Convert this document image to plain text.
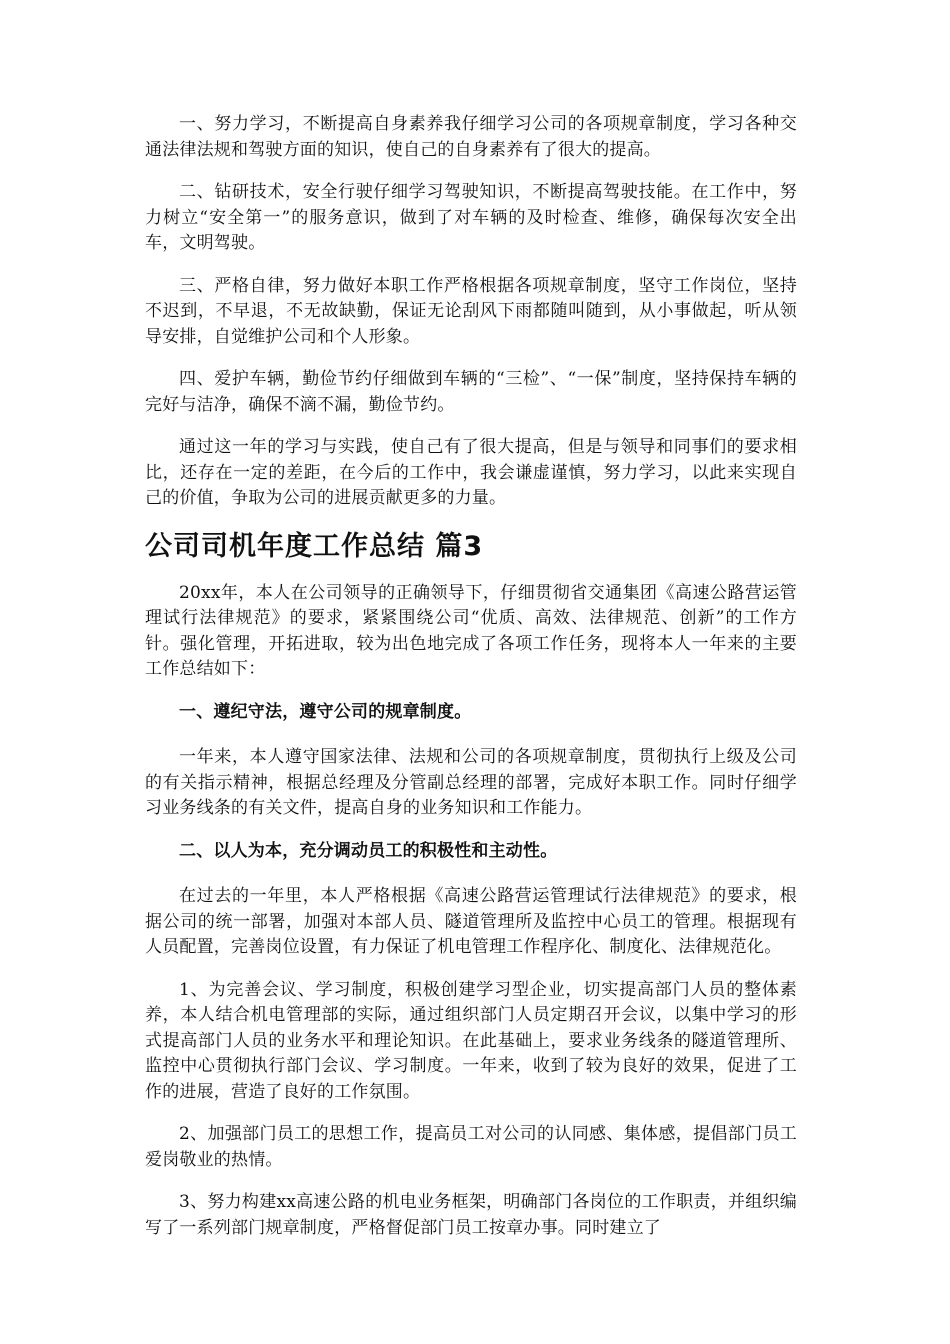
一、努力学习，不断提高自身素养我仔细学习公司的各项规章制度，学习各种交通法律法规和驾驶方面的知识，使自己的自身素养有了很大的提高。

二、钻研技术，安全行驶仔细学习驾驶知识，不断提高驾驶技能。在工作中，努力树立“安全第一”的服务意识，做到了对车辆的及时检查、维修，确保每次安全出车，文明驾驶。

三、严格自律，努力做好本职工作严格根据各项规章制度，坚守工作岗位，坚持不迟到，不早退，不无故缺勤，保证无论刮风下雨都随叫随到，从小事做起，听从领导安排，自觉维护公司和个人形象。

四、爱护车辆，勤俭节约仔细做到车辆的“三检”、“一保”制度，坚持保持车辆的完好与洁净，确保不滴不漏，勤俭节约。

通过这一年的学习与实践，使自己有了很大提高，但是与领导和同事们的要求相比，还存在一定的差距，在今后的工作中，我会谦虚谨慎，努力学习，以此来实现自己的价值，争取为公司的进展贡献更多的力量。

公司司机年度工作总结 篇3

20xx年，本人在公司领导的正确领导下，仔细贯彻省交通集团《高速公路营运管理试行法律规范》的要求，紧紧围绕公司“优质、高效、法律规范、创新”的工作方针。强化管理，开拓进取，较为出色地完成了各项工作任务，现将本人一年来的主要工作总结如下：

一、遵纪守法，遵守公司的规章制度。

一年来，本人遵守国家法律、法规和公司的各项规章制度，贯彻执行上级及公司的有关指示精神，根据总经理及分管副总经理的部署，完成好本职工作。同时仔细学习业务线条的有关文件，提高自身的业务知识和工作能力。

二、以人为本，充分调动员工的积极性和主动性。

在过去的一年里，本人严格根据《高速公路营运管理试行法律规范》的要求，根据公司的统一部署，加强对本部人员、隧道管理所及监控中心员工的管理。根据现有人员配置，完善岗位设置，有力保证了机电管理工作程序化、制度化、法律规范化。

1、为完善会议、学习制度，积极创建学习型企业，切实提高部门人员的整体素养，本人结合机电管理部的实际，通过组织部门人员定期召开会议，以集中学习的形式提高部门人员的业务水平和理论知识。在此基础上，要求业务线条的隧道管理所、监控中心贯彻执行部门会议、学习制度。一年来，收到了较为良好的效果，促进了工作的进展，营造了良好的工作氛围。

2、加强部门员工的思想工作，提高员工对公司的认同感、集体感，提倡部门员工爱岗敬业的热情。

3、努力构建xx高速公路的机电业务框架，明确部门各岗位的工作职责，并组织编写了一系列部门规章制度，严格督促部门员工按章办事。同时建立了
